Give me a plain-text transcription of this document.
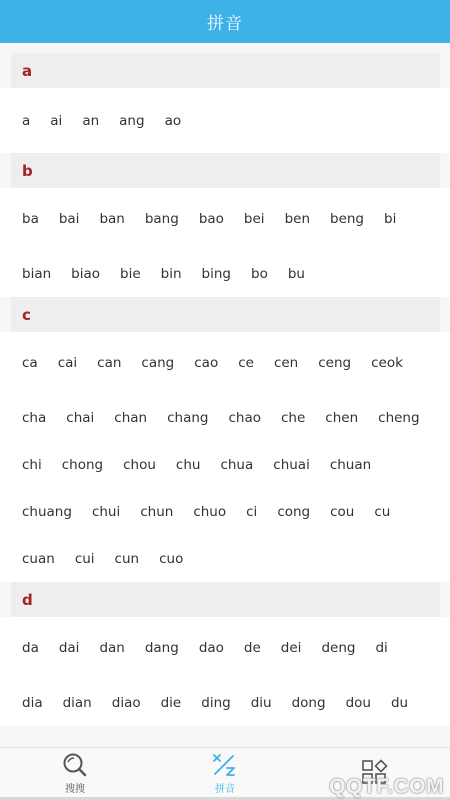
拼音
a
a ai an ang ao
b
ba bai ban bang bao bei ben beng bi
bian biao bie bin bing bo bu
c
ca cai can cang cao ce cen ceng ceok
cha chai chan chang chao che chen cheng
chi chong chou chu chua chuai chuan
chuang chui chun chuo ci cong cou cu
cuan cui cun cuo
d
da dai dan dang dao de dei deng di
dia dian diao die ding diu dong dou du
搜搜	拼音	QQTF.COM
